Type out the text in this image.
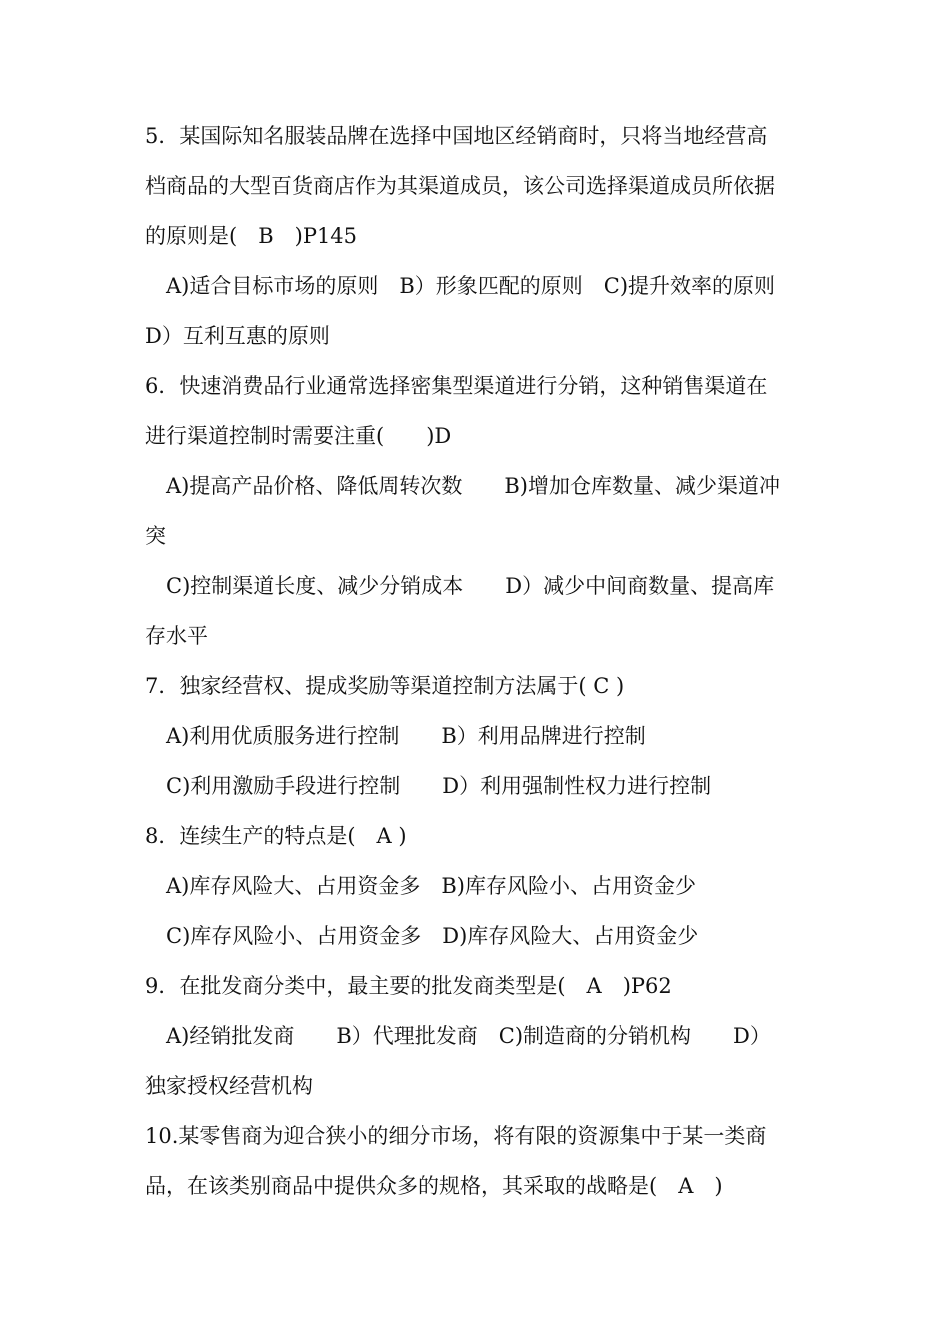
5．某国际知名服装品牌在选择中国地区经销商时，只将当地经营高
档商品的大型百货商店作为其渠道成员，该公司选择渠道成员所依据
的原则是(　B　)P145
A)适合目标市场的原则　B）形象匹配的原则　C)提升效率的原则
D）互利互惠的原则
6．快速消费品行业通常选择密集型渠道进行分销，这种销售渠道在
进行渠道控制时需要注重(　　)D
A)提高产品价格、降低周转次数　　B)增加仓库数量、减少渠道冲
突
C)控制渠道长度、减少分销成本　　D）减少中间商数量、提高库
存水平
7．独家经营权、提成奖励等渠道控制方法属于( C )
A)利用优质服务进行控制　　B）利用品牌进行控制
C)利用激励手段进行控制　　D）利用强制性权力进行控制
8．连续生产的特点是(　A )
A)库存风险大、占用资金多　B)库存风险小、占用资金少
C)库存风险小、占用资金多　D)库存风险大、占用资金少
9．在批发商分类中，最主要的批发商类型是(　A　)P62
A)经销批发商　　B）代理批发商　C)制造商的分销机构　　D）
独家授权经营机构
10.某零售商为迎合狭小的细分市场，将有限的资源集中于某一类商
品，在该类别商品中提供众多的规格，其采取的战略是(　A　)
